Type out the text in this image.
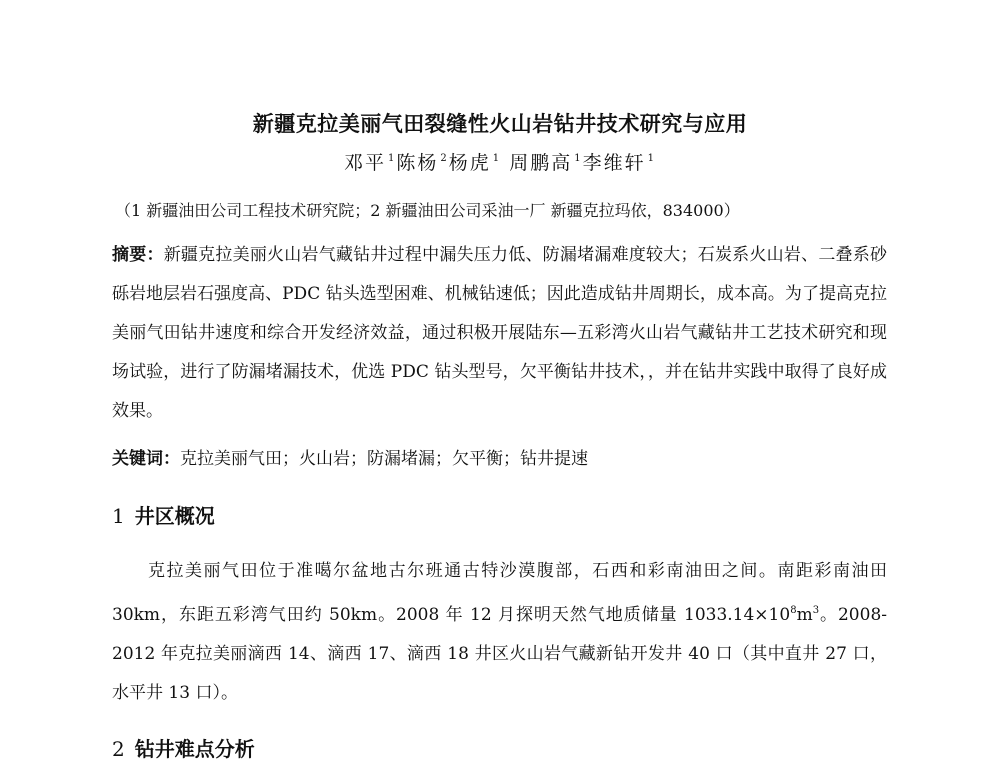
新疆克拉美丽气田裂缝性火山岩钻井技术研究与应用
邓平 $^1$ 陈杨 $^2$ 杨虎 $^1$ 周鹏高 $^1$ 李维轩 $^1$
（1 新疆油田公司工程技术研究院；2 新疆油田公司采油一厂 新疆克拉玛依，834000）
摘要：新疆克拉美丽火山岩气藏钻井过程中漏失压力低、防漏堵漏难度较大；石炭系火山岩、二叠系砂砾岩地层岩石强度高、PDC 钻头选型困难、机械钻速低；因此造成钻井周期长，成本高。为了提高克拉美丽气田钻井速度和综合开发经济效益，通过积极开展陆东—五彩湾火山岩气藏钻井工艺技术研究和现场试验，进行了防漏堵漏技术，优选 PDC 钻头型号，欠平衡钻井技术，，并在钻井实践中取得了良好成效果。
关键词：克拉美丽气田；火山岩；防漏堵漏；欠平衡；钻井提速
1 井区概况
克拉美丽气田位于准噶尔盆地古尔班通古特沙漠腹部，石西和彩南油田之间。南距彩南油田 30km，东距五彩湾气田约 50km。2008 年 12 月探明天然气地质储量 $1033.14\times 10^8m^3$。2008-2012 年克拉美丽滴西 14、滴西 17、滴西 18 井区火山岩气藏新钻开发井 40 口（其中直井 27 口，水平井 13 口）。
2 钻井难点分析
